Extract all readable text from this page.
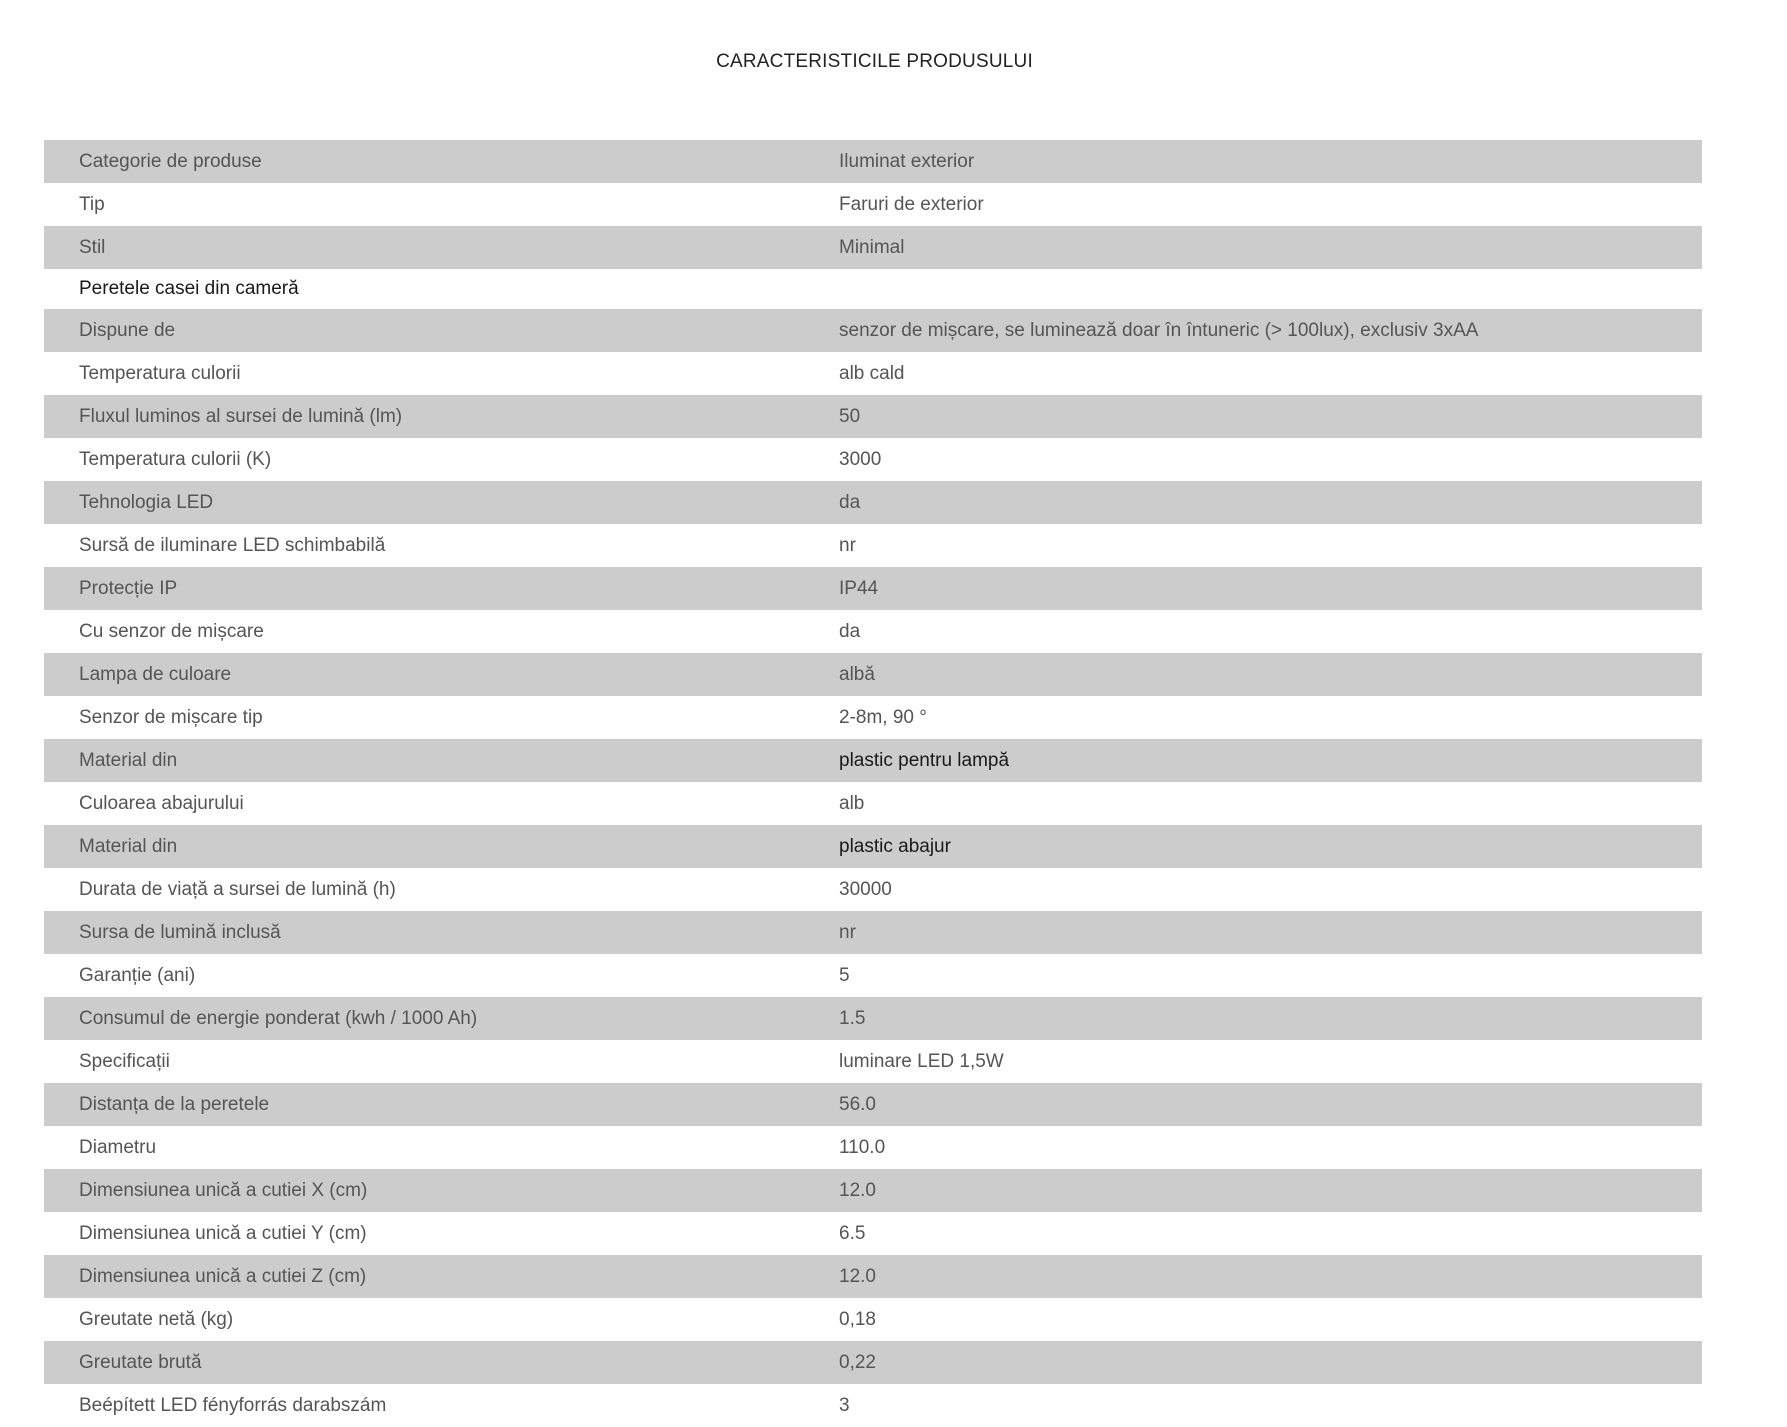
CARACTERISTICILE PRODUSULUI
Categorie de produse	Iluminat exterior
Tip	Faruri de exterior
Stil	Minimal
Peretele casei din cameră
Dispune de	senzor de mișcare, se luminează doar în întuneric (> 100lux), exclusiv 3xAA
Temperatura culorii	alb cald
Fluxul luminos al sursei de lumină (lm)	50
Temperatura culorii (K)	3000
Tehnologia LED	da
Sursă de iluminare LED schimbabilă	nr
Protecție IP	IP44
Cu senzor de mișcare	da
Lampa de culoare	albă
Senzor de mișcare tip	2-8m, 90 °
Material din	plastic pentru lampă
Culoarea abajurului	alb
Material din	plastic abajur
Durata de viață a sursei de lumină (h)	30000
Sursa de lumină inclusă	nr
Garanție (ani)	5
Consumul de energie ponderat (kwh / 1000 Ah)	1.5
Specificații	luminare LED 1,5W
Distanța de la peretele	56.0
Diametru	110.0
Dimensiunea unică a cutiei X (cm)	12.0
Dimensiunea unică a cutiei Y (cm)	6.5
Dimensiunea unică a cutiei Z (cm)	12.0
Greutate netă (kg)	0,18
Greutate brută	0,22
Beépített LED fényforrás darabszám	3
